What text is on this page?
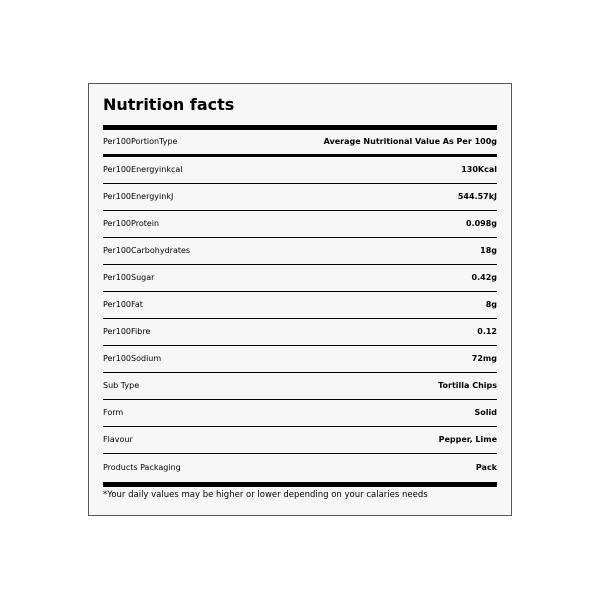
Nutrition facts
Per100PortionType	Average Nutritional Value As Per 100g
Per100Energyinkcal	130Kcal
Per100EnergyinkJ	544.57kJ
Per100Protein	0.098g
Per100Carbohydrates	18g
Per100Sugar	0.42g
Per100Fat	8g
Per100Fibre	0.12
Per100Sodium	72mg
Sub Type	Tortilla Chips
Form	Solid
Flavour	Pepper, Lime
Products Packaging	Pack
*Your daily values may be higher or lower depending on your calaries needs
